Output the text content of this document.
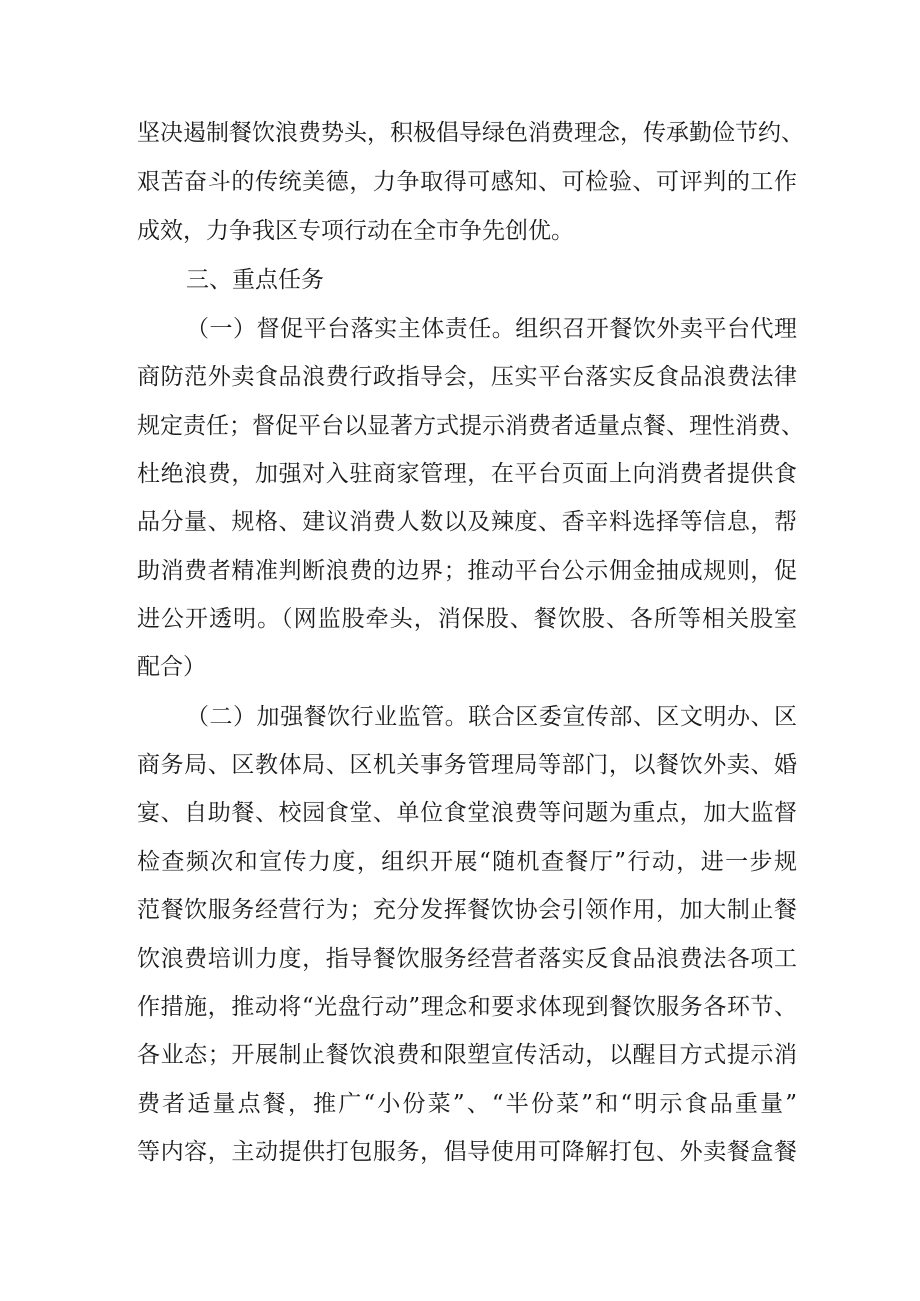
坚决遏制餐饮浪费势头，积极倡导绿色消费理念，传承勤俭节约、
艰苦奋斗的传统美德，力争取得可感知、可检验、可评判的工作
成效，力争我区专项行动在全市争先创优。
三、重点任务
（一）督促平台落实主体责任。组织召开餐饮外卖平台代理
商防范外卖食品浪费行政指导会，压实平台落实反食品浪费法律
规定责任；督促平台以显著方式提示消费者适量点餐、理性消费、
杜绝浪费，加强对入驻商家管理，在平台页面上向消费者提供食
品分量、规格、建议消费人数以及辣度、香辛料选择等信息，帮
助消费者精准判断浪费的边界；推动平台公示佣金抽成规则，促
进公开透明。（网监股牵头，消保股、餐饮股、各所等相关股室
配合）
（二）加强餐饮行业监管。联合区委宣传部、区文明办、区
商务局、区教体局、区机关事务管理局等部门，以餐饮外卖、婚
宴、自助餐、校园食堂、单位食堂浪费等问题为重点，加大监督
检查频次和宣传力度，组织开展“随机查餐厅”行动，进一步规
范餐饮服务经营行为；充分发挥餐饮协会引领作用，加大制止餐
饮浪费培训力度，指导餐饮服务经营者落实反食品浪费法各项工
作措施，推动将“光盘行动”理念和要求体现到餐饮服务各环节、
各业态；开展制止餐饮浪费和限塑宣传活动，以醒目方式提示消
费者适量点餐，推广“小份菜”、“半份菜”和“明示食品重量”
等内容，主动提供打包服务，倡导使用可降解打包、外卖餐盒餐
